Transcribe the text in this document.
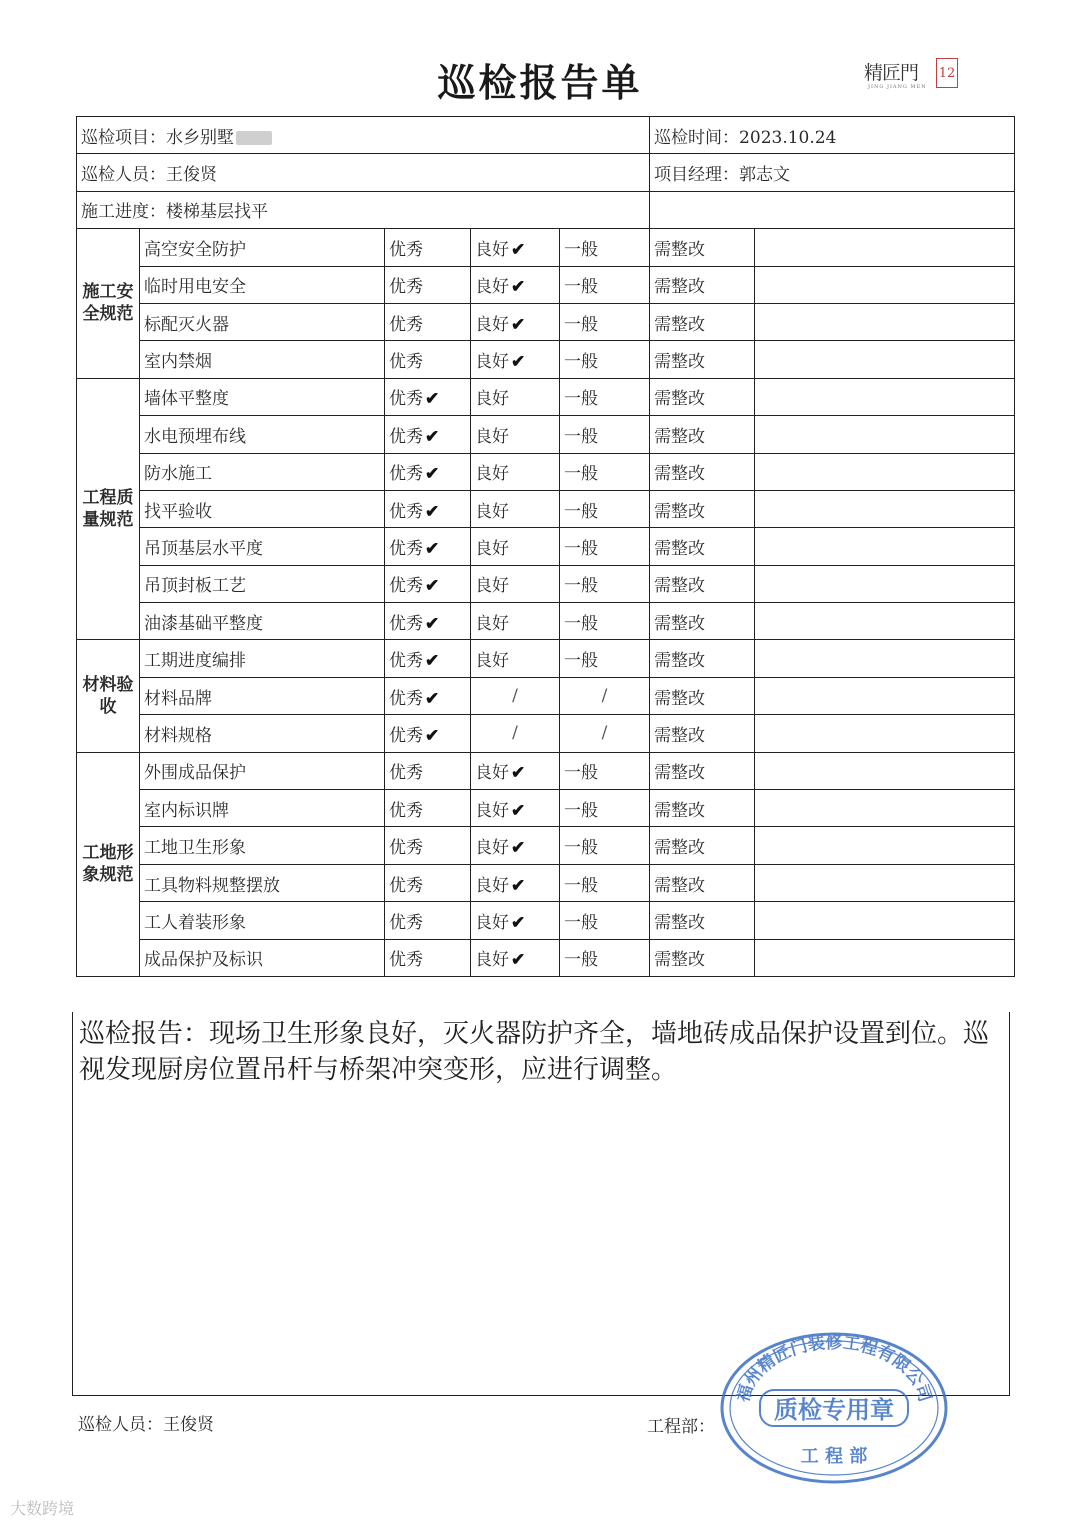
巡检报告单	精匠門
JING JIANG MEN
12
巡检项目：水乡别墅					巡检时间：2023.10.24	
巡检人员：王俊贤					项目经理：郭志文	
施工进度：楼梯基层找平						
施工安全规范	高空安全防护	优秀	良好 ✔	一般	需整改	
	临时用电安全	优秀	良好 ✔	一般	需整改	
	标配灭火器	优秀	良好 ✔	一般	需整改	
	室内禁烟	优秀	良好 ✔	一般	需整改	
工程质量规范	墙体平整度	优秀 ✔	良好	一般	需整改	
	水电预埋布线	优秀 ✔	良好	一般	需整改	
	防水施工	优秀 ✔	良好	一般	需整改	
	找平验收	优秀 ✔	良好	一般	需整改	
	吊顶基层水平度	优秀 ✔	良好	一般	需整改	
	吊顶封板工艺	优秀 ✔	良好	一般	需整改	
	油漆基础平整度	优秀 ✔	良好	一般	需整改	
材料验收	工期进度编排	优秀 ✔	良好	一般	需整改	
	材料品牌	优秀 ✔	/	/	需整改	
	材料规格	优秀 ✔	/	/	需整改	
工地形象规范	外围成品保护	优秀	良好 ✔	一般	需整改	
	室内标识牌	优秀	良好 ✔	一般	需整改	
	工地卫生形象	优秀	良好 ✔	一般	需整改	
	工具物料规整摆放	优秀	良好 ✔	一般	需整改	
	工人着装形象	优秀	良好 ✔	一般	需整改	
	成品保护及标识	优秀	良好 ✔	一般	需整改	
巡检报告：现场卫生形象良好，灭火器防护齐全，墙地砖成品保护设置到位。巡视发现厨房位置吊杆与桥架冲突变形，应进行调整。
巡检人员：王俊贤	工程部：
福州精匠门装修工程有限公司
质检专用章
工 程 部
大数跨境
